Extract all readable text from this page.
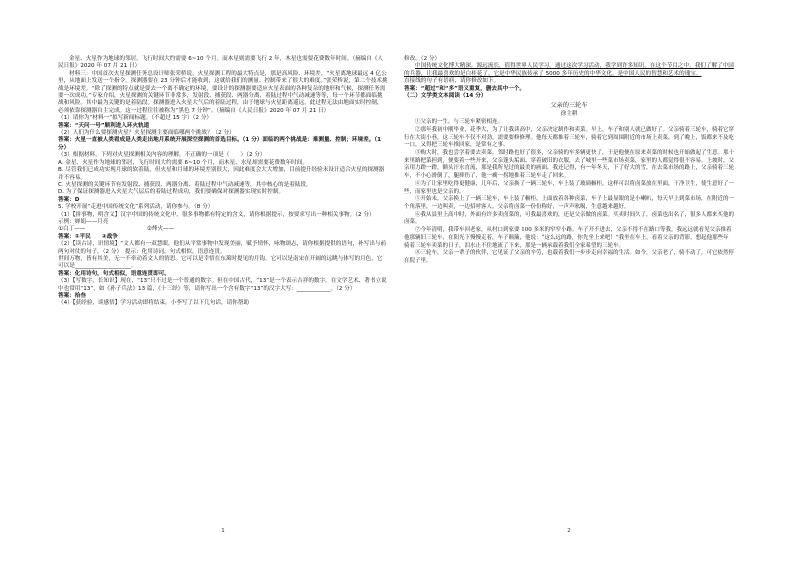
金星、火星作为地球的邻居，飞行时间大约需要 6~10 个月。而木星则需要飞行 2 年，木星也需要花费数年时间。（摘编自《人民日报》2020 年 07 月 21 日）

材料三：中国首次火星探测任务总设计师张荣桥说，火星探测工程的最大特点是，那是高风险、环境差。“火星离地球最远 4 亿公里，从地面上发送一个指令，探测器要在 23 分钟后才能收到，这就给我们的测量、控制带来了很大的难度。”张荣桥说，第二个技术挑战是环境差。“除了探测的特点就是要去一个离不确定的环境，要设计的探测器要适应火星表面的各种复杂的地形和气候，探测任务需要一次成功，”专家介绍，火星探测的关键环节非常多，发射段、捕获段、两器分离、着陆过程中气动减速等等，每一个环节都面临挑战和风险。其中最为关键的是着陆段。探测器进入火星大气后的着陆过程，由于地球与火星距离遥远，此过程无法由地面实时控制，必须依靠探测器自主完成。这一过程往往被称为“黑色 7 分钟”。（摘编自《人民日报》2020 年 07 月 21 日）

（1）请你为“材料一”拟写新闻标题。（不超过 15 字）（2 分）

答案：“天问一号”顺利进入环火轨道

（2）人们为什么要探测火星？火星探测主要面临哪两个挑战？（2 分）

答案：火星一直被人类看成是人类走出地月系统开展深空探测的首选目标。（1 分）面临的两个挑战是：难测量、控制；环境差。（1 分）

（3）根据材料，下列对火星探测相关内容的理解，不正确的一项是（　　）（2 分）

A. 金星、火星作为地球的邻居，飞行时间大约需要 6~10 个月，而木星、水星却需要花费数年时间。

B. 尽管我们已成功实现月球的软着陆，但火星和月球的环境差别很大，因此难度会大大增加，目前提升经验未设计适合火星的探测器并不容易。

C. 火星探测的关键环节有发射段、捕获段、两器分离、着陆过程中气动减速等，其中核心的是着陆段。

D. 为了保证探测器进入火星大气层后的着陆过程成功，我们要确保对探测器实现实时控制。

答案：D

5. 学校开展“走进中国传统文化”系列活动，请你参与。（8 分）

（1）【拼事物，明含义】汉字中国的传统文化中，很多事物都有特定的含义，请你根据提示，按要求写出一种相关事物。（2 分）

示例：婵娟——月亮

①白丁——　　　　　　　　　　　②烽火——

答案：①平民　　②战争

（2）【读古诗，识情境】“文人都有一双慧眼，他们从平常事物中发现美丽，赋予情怀，咏物颂志，请你根据提供的语句，补写出与前两句对仗的句子。（2 分）　提示：化用诗词，句式相似，语意连贯。

世间万物，皆有其美，无一不牵动着文人的情思。它可以是幸悟在东篱时提见的月钩，它可以是南宋在开阔的远眺与体写的月色，它可以是____________________。

答案：化用诗句，句式相似，语意连贯即可。

（3）【写数字，长知识】现在，“13”只不过是一个普通的数字。但在中国古代，“13”是一个表示吉祥的数字。在文学艺术、著书立说中也常用“13”，如《孙子兵法》13 篇，《十三经》等，请你写出一个含有数字“13”的汉字大写：____________。（2 分）

答案：拾叁

（4）【获经验，谈感悟】学习活动即将结束，小李写了以下几句话，请你帮助

修改。（2 分）

中国传统文化博大精深，源远流长，值得世界人民学习。通过这次学习活动，我学到许多知识。在这个节目之中，我们了解了中国的兵器，让我最喜欢的是白桂花了。它是中华民族传承了 5000 多年历史的中华文化，是中国人民的智慧和艺术的瑰宝。

直接线的句子有语病，请你修改如下。

答案：“超过”和“多”语义重复，删去其中一个。

（二）文学类文本阅读（14 分）

父亲的三轮车
徐主耕

①父亲的一生，与三轮车紧密相连。

②那年我初中刚毕业，花季大，为了让我读高中，父亲决定制作和卖菜。早上，车子和别人就已做好了。父亲骑着三轮车，骑着它穿行在大街小巷，这三轮车不仅不对劲，需要要修修理。他每天都推着三轮车，骑着它到周围附近的市场上卖菜，到了晚上，饭都来不及吃一口，又得把三轮车推回家，是常有之事。

③购大时，我也尝学着要去卖菜，邻时路也好了很多，父亲骑的车多辆更快了，于是他便在原来卖菜的时候也开始做起了生意。那十来里路把菜担到，便要着一些开来，父亲蓬头垢面、穿着破旧的衣服，去了城里一些菜市场卖菜，家里的人都觉得很不容易。上坡时，父亲用力蹬一蹬，额头汗水直流，那是我所见过的最美的画面。我还记得，有一年冬天，下了好大的雪，在去菜市场的路上，父亲骑着三轮车，不小心滑倒了，腿摔伤了，他一瘸一拐地推着三轮车走了回来。

④为了让家里吃得更健康，几年后，父亲换了一辆三轮车，车上装了玻璃橱柜，这样可以将卤菜放在里面，干净卫生，使生意好了一些，而家里也是父亲的。

⑤开始未，父亲换上了一辆三轮车，车上装了橱柜，上面放着各种卤菜，车子上最显眼的是小喇叭，每天早上到菜市场，在附近的一个角落里，一边叫卖，一边招呼客人。父亲将卤菜一份份称好，一声声吆喝，生意越来越好。

⑥我从县里上高中时，外面有许多卖卤菜的，可我最喜欢的，还是父亲做的卤菜。买卖时间久了，卤菜也出名了，很多人都来买他的卤菜。

⑦今年清明，我带车回老家，从村口到家要 100 多米的窄窄小路。车子开不进去，父亲不得不在路口等我。我远远就看见父亲推着他那辆旧三轮车，在阳光下慢慢走着，车子颠簸，他说：“这么远的路，你先坐上来吧！”我坐在车上，看着父亲的背影，想起他那些年骑着三轮车卖菜的日子，泪水止不住地流了下来，那是一辆承载着我们全家希望的三轮车。

⑧三轮车，父亲一辈子的伙伴，它见证了父亲的辛劳，也载着我们一步步走向幸福的生活。如今，父亲老了，骑不动了，可它依然停在院子里。

1	2
